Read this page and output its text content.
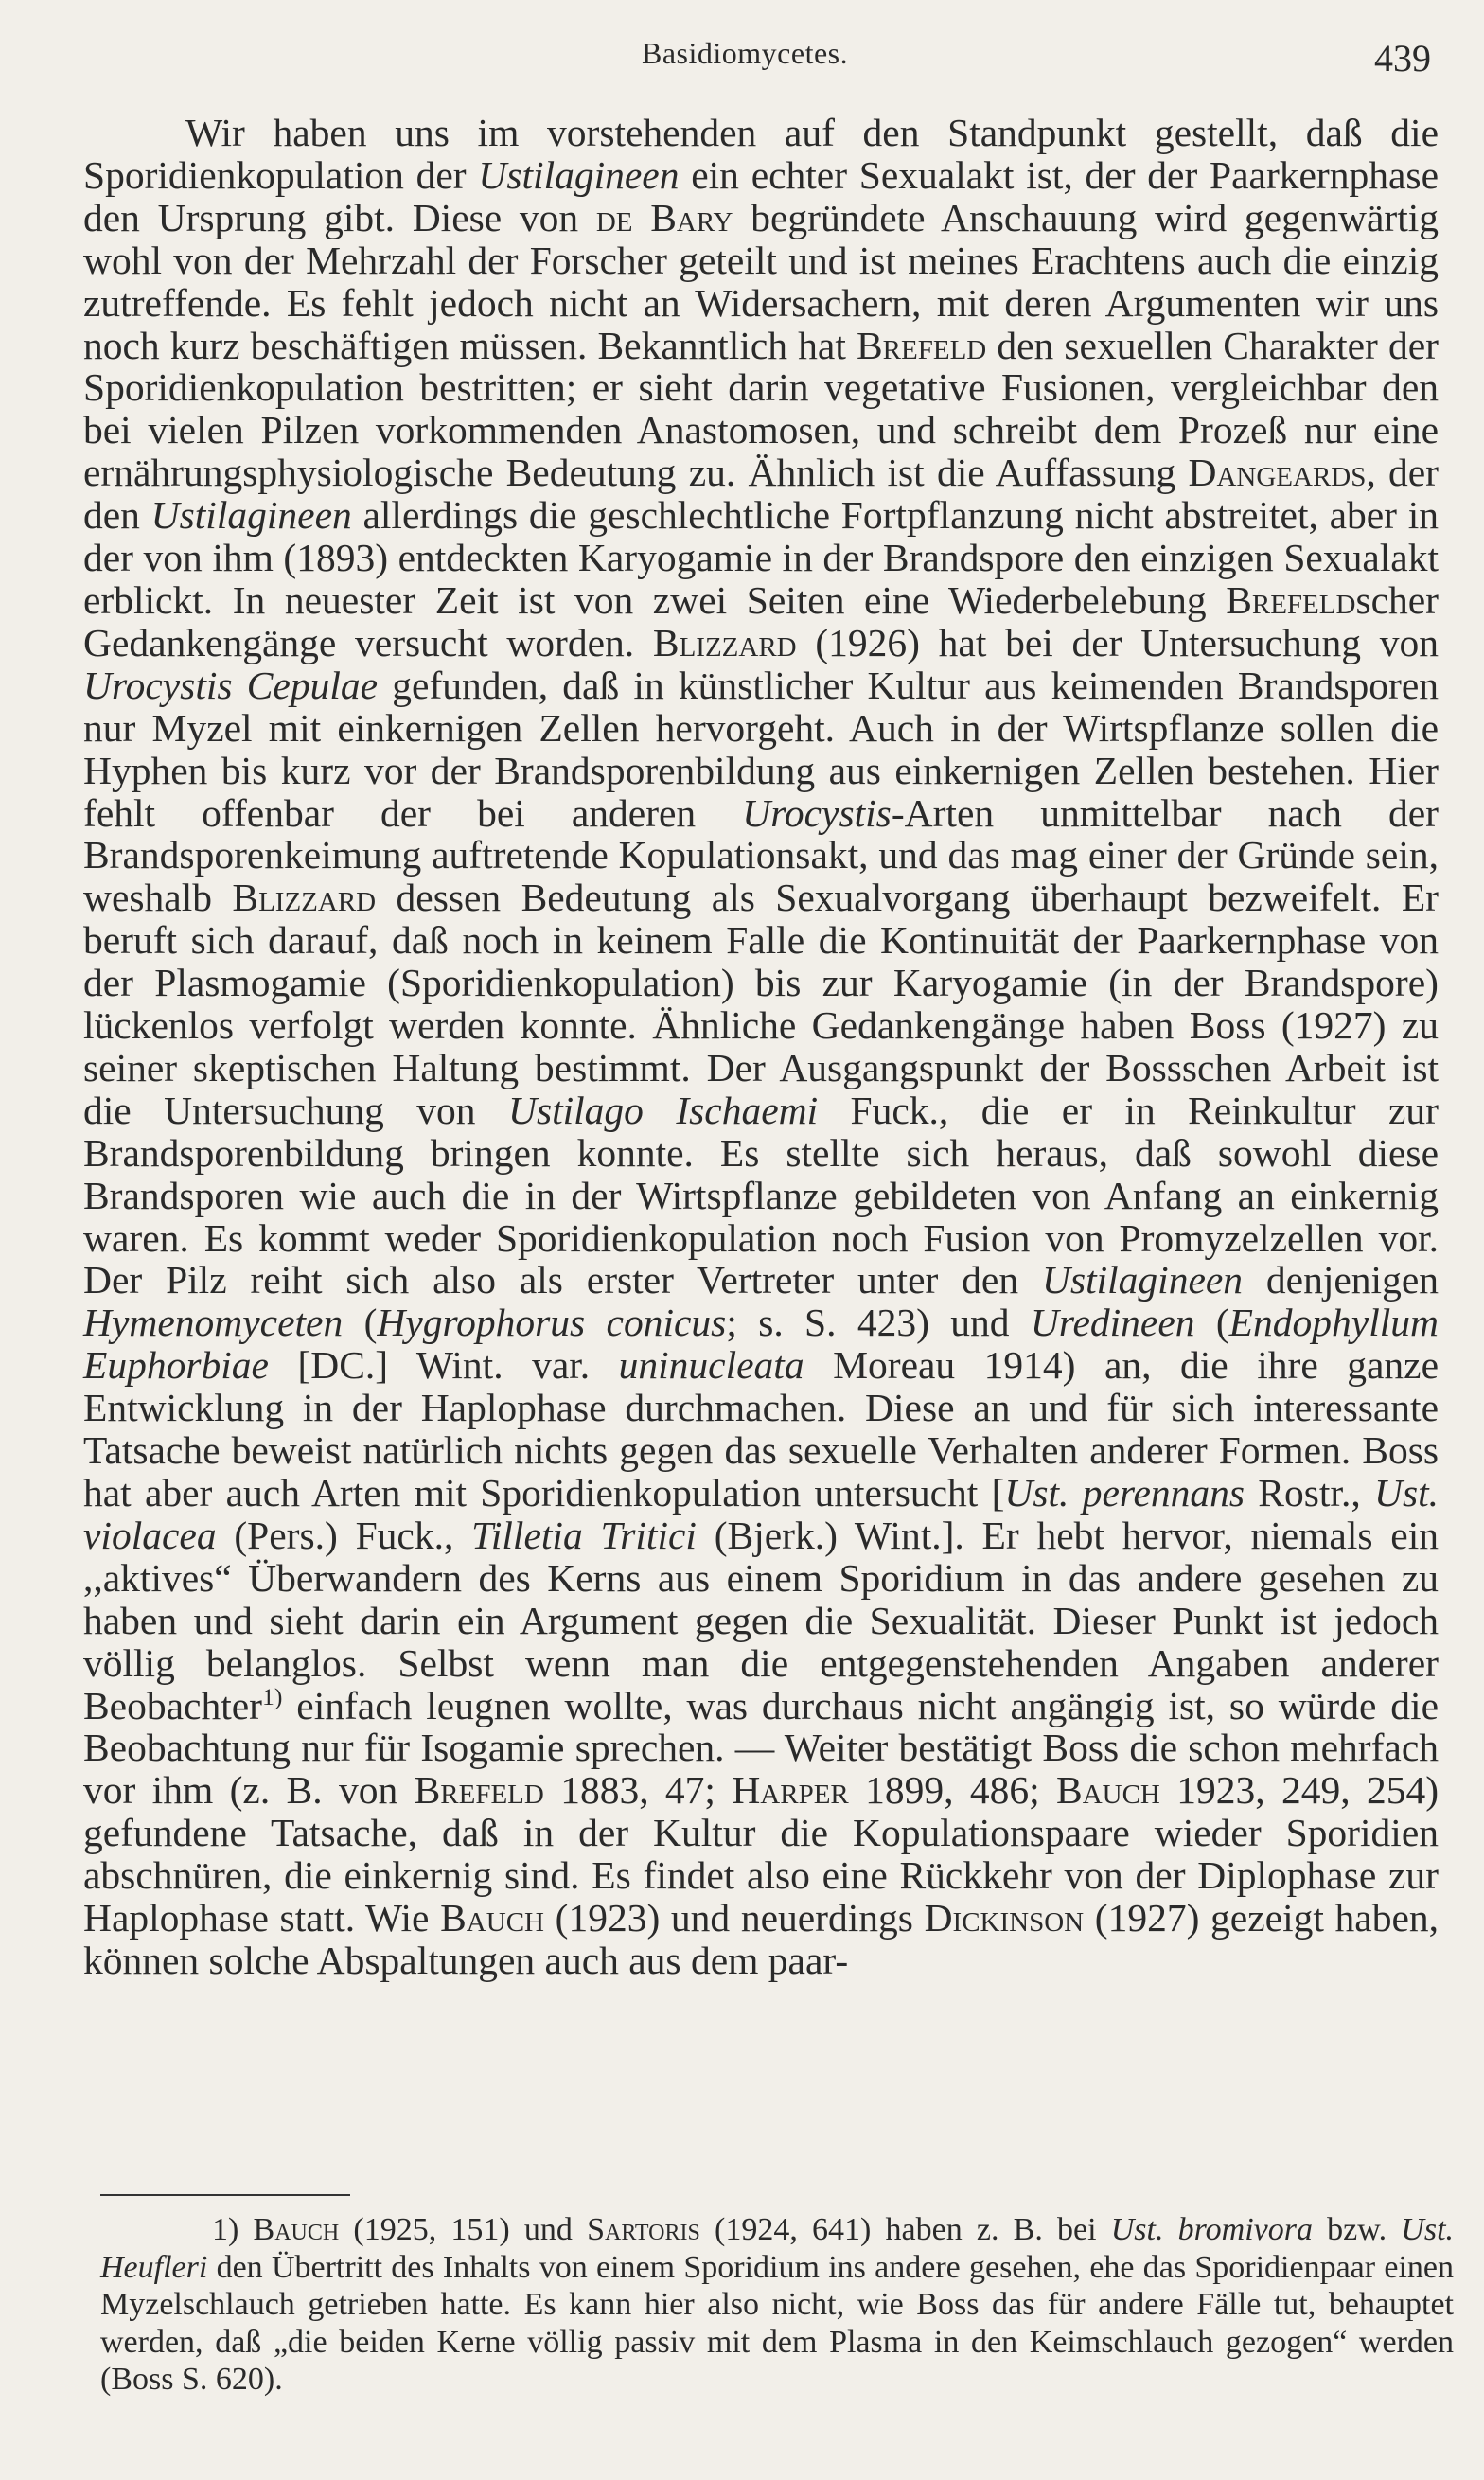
Basidiomycetes.	439

Wir haben uns im vorstehenden auf den Standpunkt gestellt, daß die Sporidienkopulation der Ustilagineen ein echter Sexualakt ist, der der Paarkernphase den Ursprung gibt. Diese von de Bary begründete Anschauung wird gegenwärtig wohl von der Mehrzahl der Forscher geteilt und ist meines Erachtens auch die einzig zutreffende. Es fehlt jedoch nicht an Widersachern, mit deren Argumenten wir uns noch kurz beschäftigen müssen. Bekanntlich hat Brefeld den sexuellen Charakter der Sporidienkopulation bestritten; er sieht darin vegetative Fusionen, vergleichbar den bei vielen Pilzen vorkommenden Anastomosen, und schreibt dem Prozeß nur eine ernährungsphysiologische Bedeutung zu. Ähnlich ist die Auffassung Dangeards, der den Ustilagineen allerdings die geschlechtliche Fortpflanzung nicht abstreitet, aber in der von ihm (1893) entdeckten Karyogamie in der Brandspore den einzigen Sexualakt erblickt. In neuester Zeit ist von zwei Seiten eine Wiederbelebung Brefeldscher Gedankengänge versucht worden. Blizzard (1926) hat bei der Untersuchung von Urocystis Cepulae gefunden, daß in künstlicher Kultur aus keimenden Brandsporen nur Myzel mit einkernigen Zellen hervorgeht. Auch in der Wirtspflanze sollen die Hyphen bis kurz vor der Brandsporenbildung aus einkernigen Zellen bestehen. Hier fehlt offenbar der bei anderen Urocystis-Arten unmittelbar nach der Brandsporenkeimung auftretende Kopulationsakt, und das mag einer der Gründe sein, weshalb Blizzard dessen Bedeutung als Sexualvorgang überhaupt bezweifelt. Er beruft sich darauf, daß noch in keinem Falle die Kontinuität der Paarkernphase von der Plasmogamie (Sporidienkopulation) bis zur Karyogamie (in der Brandspore) lückenlos verfolgt werden konnte. Ähnliche Gedankengänge haben Boss (1927) zu seiner skeptischen Haltung bestimmt. Der Ausgangspunkt der Bossschen Arbeit ist die Untersuchung von Ustilago Ischaemi Fuck., die er in Reinkultur zur Brandsporenbildung bringen konnte. Es stellte sich heraus, daß sowohl diese Brandsporen wie auch die in der Wirtspflanze gebildeten von Anfang an einkernig waren. Es kommt weder Sporidienkopulation noch Fusion von Promyzelzellen vor. Der Pilz reiht sich also als erster Vertreter unter den Ustilagineen denjenigen Hymenomyceten (Hygrophorus conicus; s. S. 423) und Uredineen (Endophyllum Euphorbiae [DC.] Wint. var. uninucleata Moreau 1914) an, die ihre ganze Entwicklung in der Haplophase durchmachen. Diese an und für sich interessante Tatsache beweist natürlich nichts gegen das sexuelle Verhalten anderer Formen. Boss hat aber auch Arten mit Sporidienkopulation untersucht [Ust. perennans Rostr., Ust. violacea (Pers.) Fuck., Tilletia Tritici (Bjerk.) Wint.]. Er hebt hervor, niemals ein ,,aktives“ Überwandern des Kerns aus einem Sporidium in das andere gesehen zu haben und sieht darin ein Argument gegen die Sexualität. Dieser Punkt ist jedoch völlig belanglos. Selbst wenn man die entgegenstehenden Angaben anderer Beobachter$^{1)}$ einfach leugnen wollte, was durchaus nicht angängig ist, so würde die Beobachtung nur für Isogamie sprechen. — Weiter bestätigt Boss die schon mehrfach vor ihm (z. B. von Brefeld 1883, 47; Harper 1899, 486; Bauch 1923, 249, 254) gefundene Tatsache, daß in der Kultur die Kopulationspaare wieder Sporidien abschnüren, die einkernig sind. Es findet also eine Rückkehr von der Diplophase zur Haplophase statt. Wie Bauch (1923) und neuerdings Dickinson (1927) gezeigt haben, können solche Abspaltungen auch aus dem paar-

1) Bauch (1925, 151) und Sartoris (1924, 641) haben z. B. bei Ust. bromivora bzw. Ust. Heufleri den Übertritt des Inhalts von einem Sporidium ins andere gesehen, ehe das Sporidienpaar einen Myzelschlauch getrieben hatte. Es kann hier also nicht, wie Boss das für andere Fälle tut, behauptet werden, daß „die beiden Kerne völlig passiv mit dem Plasma in den Keimschlauch gezogen“ werden (Boss S. 620).
